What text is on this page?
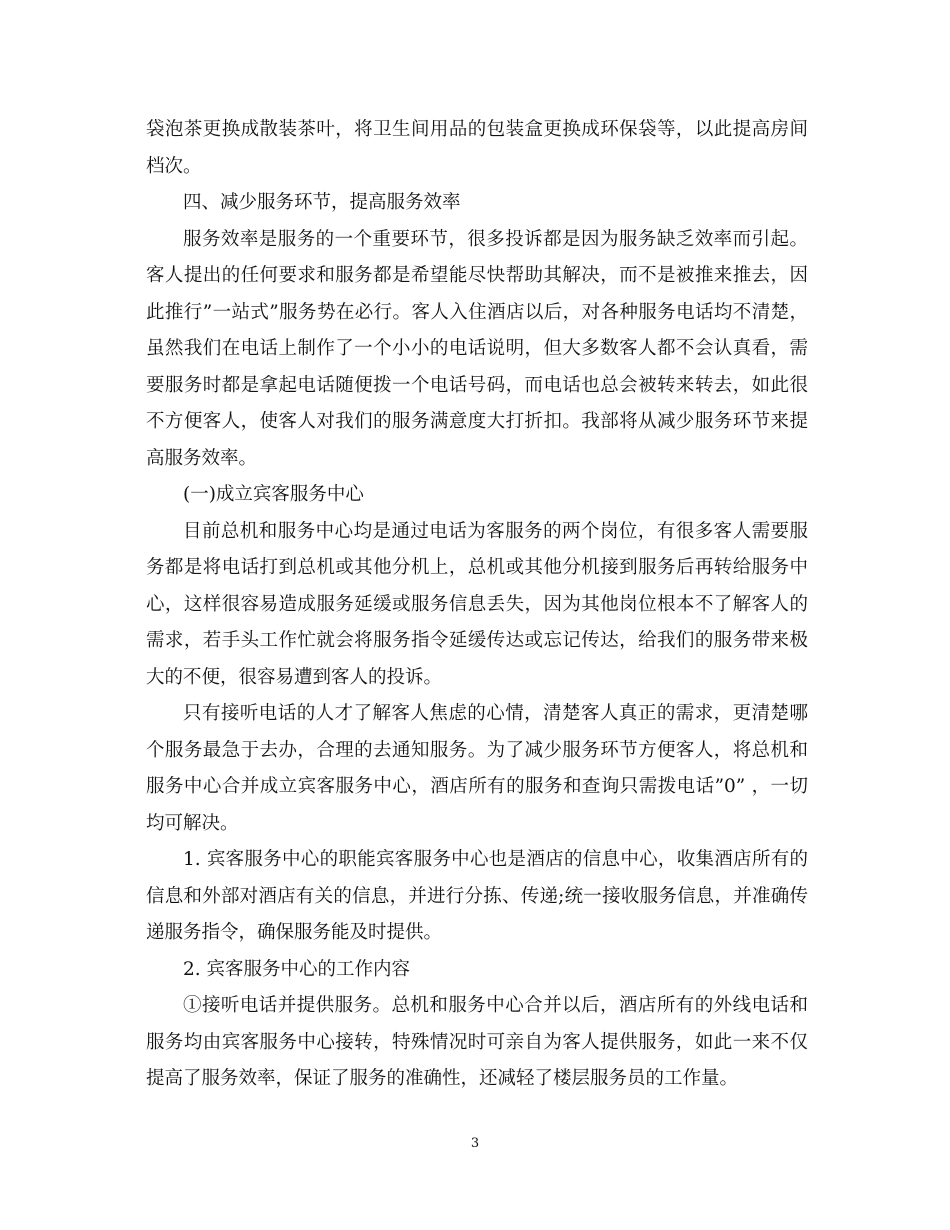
袋泡茶更换成散装茶叶，将卫生间用品的包装盒更换成环保袋等，以此提高房间
档次。
四、减少服务环节，提高服务效率
服务效率是服务的一个重要环节，很多投诉都是因为服务缺乏效率而引起。
客人提出的任何要求和服务都是希望能尽快帮助其解决，而不是被推来推去，因
此推行”一站式”服务势在必行。客人入住酒店以后，对各种服务电话均不清楚，
虽然我们在电话上制作了一个小小的电话说明，但大多数客人都不会认真看，需
要服务时都是拿起电话随便拨一个电话号码，而电话也总会被转来转去，如此很
不方便客人，使客人对我们的服务满意度大打折扣。我部将从减少服务环节来提
高服务效率。
(一)成立宾客服务中心
目前总机和服务中心均是通过电话为客服务的两个岗位，有很多客人需要服
务都是将电话打到总机或其他分机上，总机或其他分机接到服务后再转给服务中
心，这样很容易造成服务延缓或服务信息丢失，因为其他岗位根本不了解客人的
需求，若手头工作忙就会将服务指令延缓传达或忘记传达，给我们的服务带来极
大的不便，很容易遭到客人的投诉。
只有接听电话的人才了解客人焦虑的心情，清楚客人真正的需求，更清楚哪
个服务最急于去办，合理的去通知服务。为了减少服务环节方便客人，将总机和
服务中心合并成立宾客服务中心，酒店所有的服务和查询只需拨电话”0” ，一切
均可解决。
1. 宾客服务中心的职能宾客服务中心也是酒店的信息中心，收集酒店所有的
信息和外部对酒店有关的信息，并进行分拣、传递;统一接收服务信息，并准确传
递服务指令，确保服务能及时提供。
2. 宾客服务中心的工作内容
①接听电话并提供服务。总机和服务中心合并以后，酒店所有的外线电话和
服务均由宾客服务中心接转，特殊情况时可亲自为客人提供服务，如此一来不仅
提高了服务效率，保证了服务的准确性，还减轻了楼层服务员的工作量。
3
